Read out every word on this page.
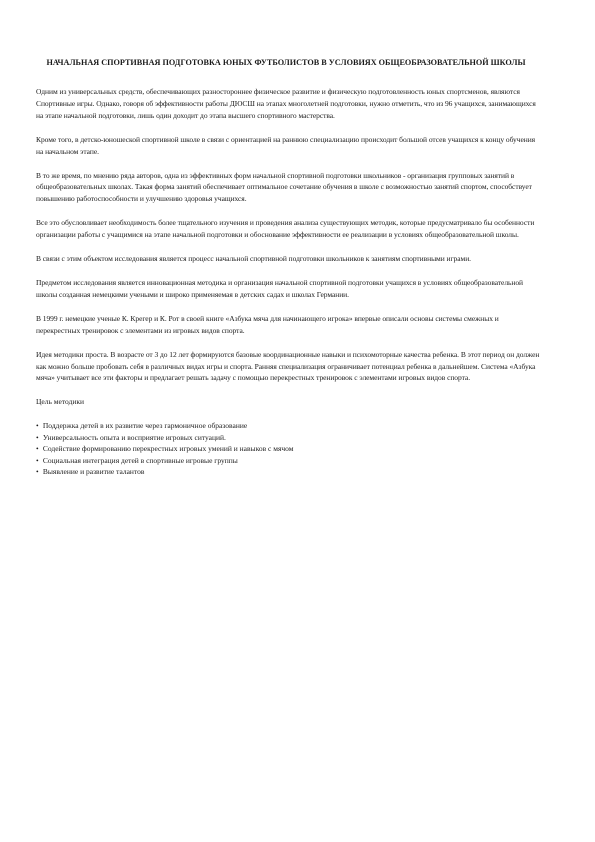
НАЧАЛЬНАЯ СПОРТИВНАЯ ПОДГОТОВКА ЮНЫХ ФУТБОЛИСТОВ В УСЛОВИЯХ ОБЩЕОБРАЗОВАТЕЛЬНОЙ ШКОЛЫ

Одним из универсальных средств, обеспечивающих разностороннее физическое развитие и физическую подготовленность юных спортсменов, являются Спортивные игры. Однако, говоря об эффективности работы ДЮСШ на этапах многолетней подготовки, нужно отметить, что из 96 учащихся, занимающихся на этапе начальной подготовки, лишь один доходит до этапа высшего спортивного мастерства.

Кроме того, в детско-юношеской спортивной школе в связи с ориентацией на раннюю специализацию происходит большой отсев учащихся к концу обучения на начальном этапе.

В то же время, по мнению ряда авторов, одна из эффективных форм начальной спортивной подготовки школьников - организация групповых занятий в общеобразовательных школах. Такая форма занятий обеспечивает оптимальное сочетание обучения в школе с возможностью занятий спортом, способствует повышению работоспособности и улучшению здоровья учащихся.

Все это обусловливает необходимость более тщательного изучения и проведения анализа существующих методик, которые предусматривало бы особенности организации работы с учащимися на этапе начальной подготовки и обоснование эффективности ее реализации в условиях общеобразовательной школы.

В связи с этим объектом исследования является процесс начальной спортивной подготовки школьников к занятиям спортивными играми.

Предметом исследования является инновационная методика и организация начальной спортивной подготовки учащихся в условиях общеобразовательной школы созданная немецкими учеными и широко применяемая в детских садах и школах Германии.

В 1999 г. немецкие ученые К. Крегер и К. Рот в своей книге «Азбука мяча для начинающего игрока» впервые описали основы системы смежных и перекрестных тренировок с элементами из игровых видов спорта.

Идея методики проста. В возрасте от 3 до 12 лет формируются базовые координационные навыки и психомоторные качества ребенка. В этот период он должен как можно больше пробовать себя в различных видах игры и спорта. Ранняя специализация ограничивает потенциал ребенка в дальнейшем. Система «Азбука мяча» учитывает все эти факторы и предлагает решать задачу с помощью перекрестных тренировок с элементами игровых видов спорта.

Цель методики

• Поддержка детей в их развитие через гармоничное образование
• Универсальность опыта и восприятие игровых ситуаций.
• Содействие формированию перекрестных игровых умений и навыков с мячом
• Социальная интеграция детей в спортивные игровые группы
• Выявление и развитие талантов
